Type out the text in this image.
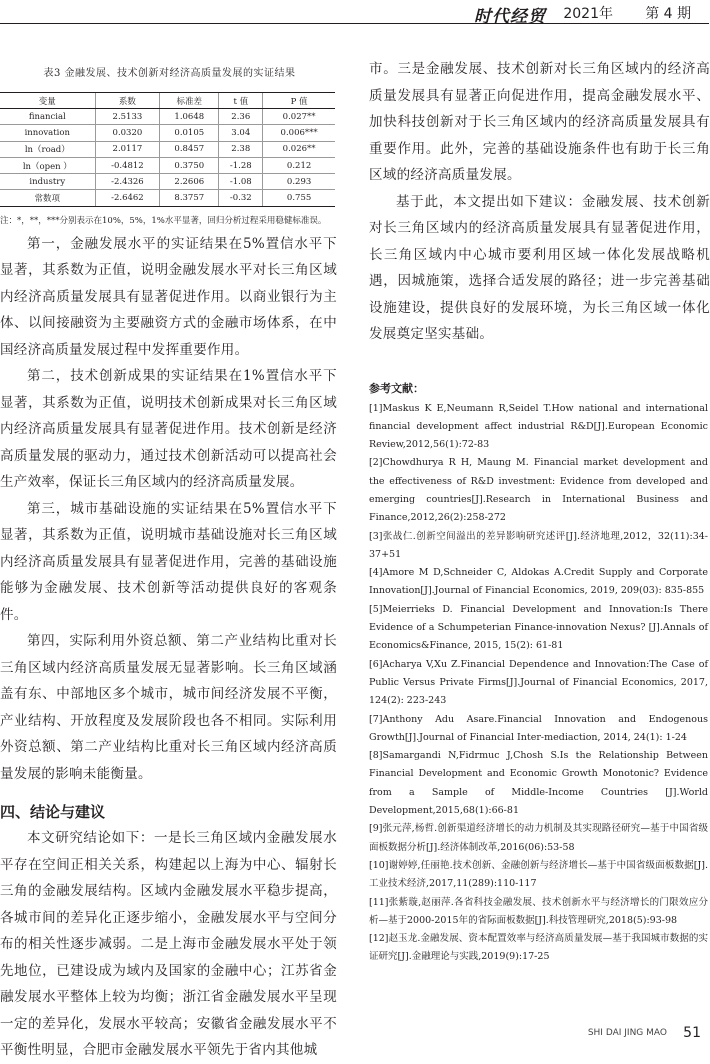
时代经贸 2021年 第 4 期
表3 金融发展、技术创新对经济高质量发展的实证结果
变量	系数	标准差	t 值	P 值
financial	2.5133	1.0648	2.36	0.027**
innovation	0.0320	0.0105	3.04	0.006***
ln（road）	2.0117	0.8457	2.38	0.026**
ln（open ）	-0.4812	0.3750	-1.28	0.212
industry	-2.4326	2.2606	-1.08	0.293
常数项	-2.6462	8.3757	-0.32	0.755

注：*，**，***分别表示在10%，5%，1%水平显著，回归分析过程采用稳健标准误。

第一，金融发展水平的实证结果在5%置信水平下显著，其系数为正值，说明金融发展水平对长三角区域内经济高质量发展具有显著促进作用。以商业银行为主体、以间接融资为主要融资方式的金融市场体系，在中国经济高质量发展过程中发挥重要作用。

第二，技术创新成果的实证结果在1%置信水平下显著，其系数为正值，说明技术创新成果对长三角区域内经济高质量发展具有显著促进作用。技术创新是经济高质量发展的驱动力，通过技术创新活动可以提高社会生产效率，保证长三角区域内的经济高质量发展。

第三，城市基础设施的实证结果在5%置信水平下显著，其系数为正值，说明城市基础设施对长三角区域内经济高质量发展具有显著促进作用，完善的基础设施能够为金融发展、技术创新等活动提供良好的客观条件。

第四，实际利用外资总额、第二产业结构比重对长三角区域内经济高质量发展无显著影响。长三角区域涵盖有东、中部地区多个城市，城市间经济发展不平衡，产业结构、开放程度及发展阶段也各不相同。实际利用外资总额、第二产业结构比重对长三角区域内经济高质量发展的影响未能衡量。

四、结论与建议

本文研究结论如下：一是长三角区域内金融发展水平存在空间正相关关系，构建起以上海为中心、辐射长三角的金融发展结构。区域内金融发展水平稳步提高，各城市间的差异化正逐步缩小，金融发展水平与空间分布的相关性逐步减弱。二是上海市金融发展水平处于领先地位，已建设成为域内及国家的金融中心；江苏省金融发展水平整体上较为均衡；浙江省金融发展水平呈现一定的差异化，发展水平较高；安徽省金融发展水平不平衡性明显，合肥市金融发展水平领先于省内其他城

市。三是金融发展、技术创新对长三角区域内的经济高质量发展具有显著正向促进作用，提高金融发展水平、加快科技创新对于长三角区域内的经济高质量发展具有重要作用。此外，完善的基础设施条件也有助于长三角区域的经济高质量发展。

基于此，本文提出如下建议：金融发展、技术创新对长三角区域内的经济高质量发展具有显著促进作用，长三角区域内中心城市要利用区域一体化发展战略机遇，因城施策，选择合适发展的路径；进一步完善基础设施建设，提供良好的发展环境，为长三角区域一体化发展奠定坚实基础。

参考文献：

[1]Maskus K E,Neumann R,Seidel T.How national and international financial development affect industrial R&D[J].European Economic Review,2012,56(1):72-83

[2]Chowdhurya R H, Maung M. Financial market development and the effectiveness of R&D investment: Evidence from developed and emerging countries[J].Research in International Business and Finance,2012,26(2):258-272

[3]张战仁.创新空间溢出的差异影响研究述评[J].经济地理,2012，32(11):34-37+51

[4]Amore M D,Schneider C, Aldokas A.Credit Supply and Corporate Innovation[J].Journal of Financial Economics, 2019, 209(03): 835-855

[5]Meierrieks D. Financial Development and Innovation:Is There Evidence of a Schumpeterian Finance-innovation Nexus? [J].Annals of Economics&Finance, 2015, 15(2): 61-81

[6]Acharya V,Xu Z.Financial Dependence and Innovation:The Case of Public Versus Private Firms[J].Journal of Financial Economics, 2017, 124(2): 223-243

[7]Anthony Adu Asare.Financial Innovation and Endogenous Growth[J].Journal of Financial Inter-mediaction, 2014, 24(1): 1-24

[8]Samargandi N,Fidrmuc J,Chosh S.Is the Relationship Between Financial Development and Economic Growth Monotonic? Evidence from a Sample of Middle-Income Countries [J].World Development,2015,68(1):66-81

[9]张元萍,杨哲.创新渠道经济增长的动力机制及其实现路径研究—基于中国省级面板数据分析[J].经济体制改革,2016(06):53-58

[10]谢婷婷,任丽艳.技术创新、金融创新与经济增长—基于中国省级面板数据[J].工业技术经济,2017,11(289):110-117

[11]张紫璇,赵丽萍.各省科技金融发展、技术创新水平与经济增长的门限效应分析—基于2000-2015年的省际面板数据[J].科技管理研究,2018(5):93-98

[12]赵玉龙.金融发展、资本配置效率与经济高质量发展—基于我国城市数据的实证研究[J].金融理论与实践,2019(9):17-25

SHI DAI JING MAO 51
